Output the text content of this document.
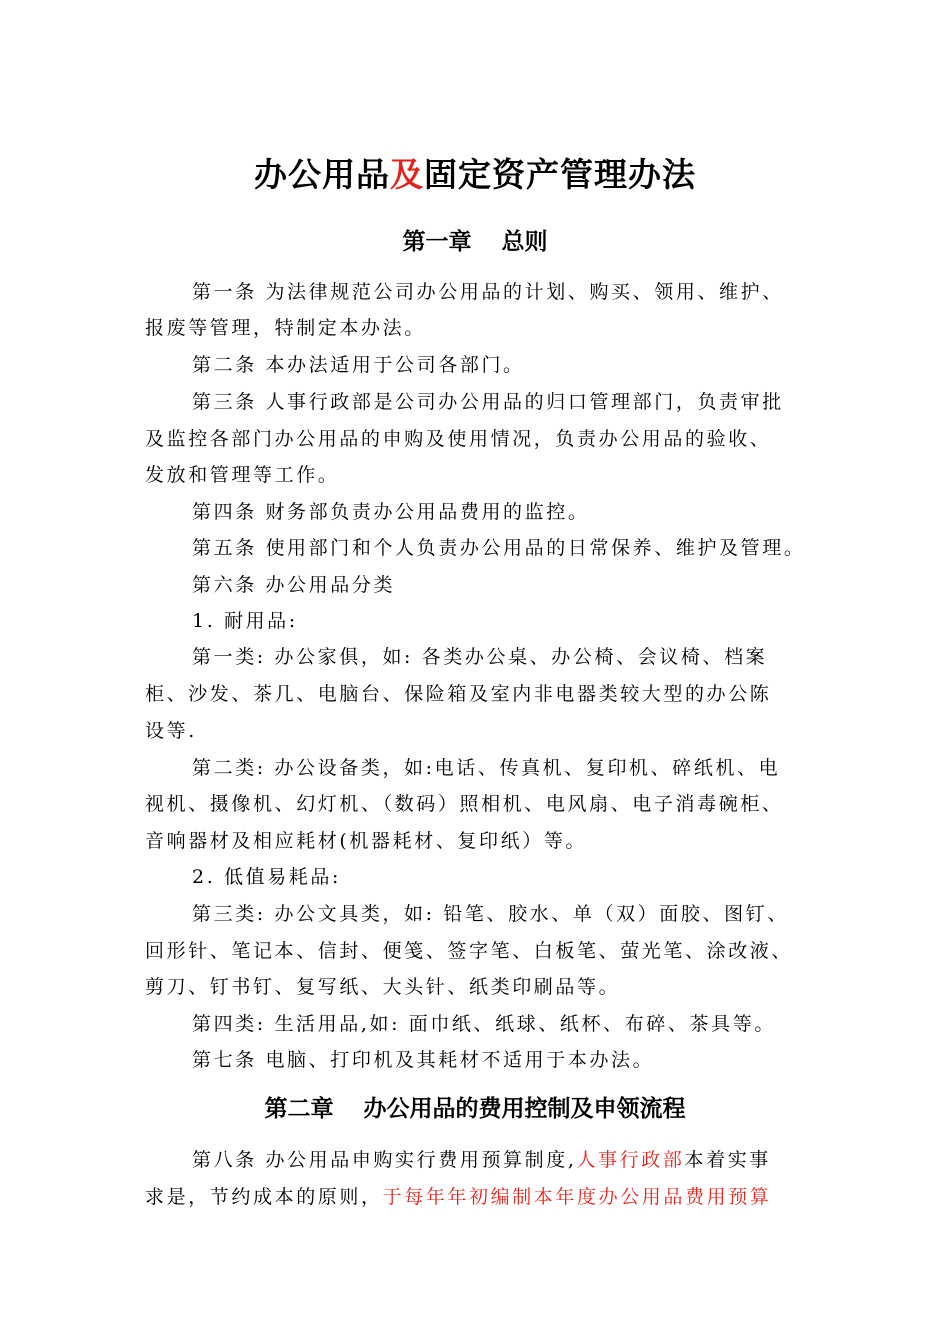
办公用品及固定资产管理办法
第一章 总则
第一条 为法律规范公司办公用品的计划、购买、领用、维护、
报废等管理，特制定本办法。
第二条 本办法适用于公司各部门。
第三条 人事行政部是公司办公用品的归口管理部门，负责审批
及监控各部门办公用品的申购及使用情况，负责办公用品的验收、
发放和管理等工作。
第四条 财务部负责办公用品费用的监控。
第五条 使用部门和个人负责办公用品的日常保养、维护及管理。
第六条 办公用品分类
1. 耐用品:
第一类: 办公家俱，如: 各类办公桌、办公椅、会议椅、档案
柜、沙发、茶几、电脑台、保险箱及室内非电器类较大型的办公陈
设等.
第二类: 办公设备类，如:电话、传真机、复印机、碎纸机、电
视机、摄像机、幻灯机、（数码）照相机、电风扇、电子消毒碗柜、
音响器材及相应耗材(机器耗材、复印纸）等。
2. 低值易耗品:
第三类: 办公文具类，如: 铅笔、胶水、单（双）面胶、图钉、
回形针、笔记本、信封、便笺、签字笔、白板笔、萤光笔、涂改液、
剪刀、钉书钉、复写纸、大头针、纸类印刷品等。
第四类: 生活用品,如: 面巾纸、纸球、纸杯、布碎、茶具等。
第七条 电脑、打印机及其耗材不适用于本办法。
第二章 办公用品的费用控制及申领流程
第八条 办公用品申购实行费用预算制度,人事行政部本着实事
求是，节约成本的原则，于每年年初编制本年度办公用品费用预算
